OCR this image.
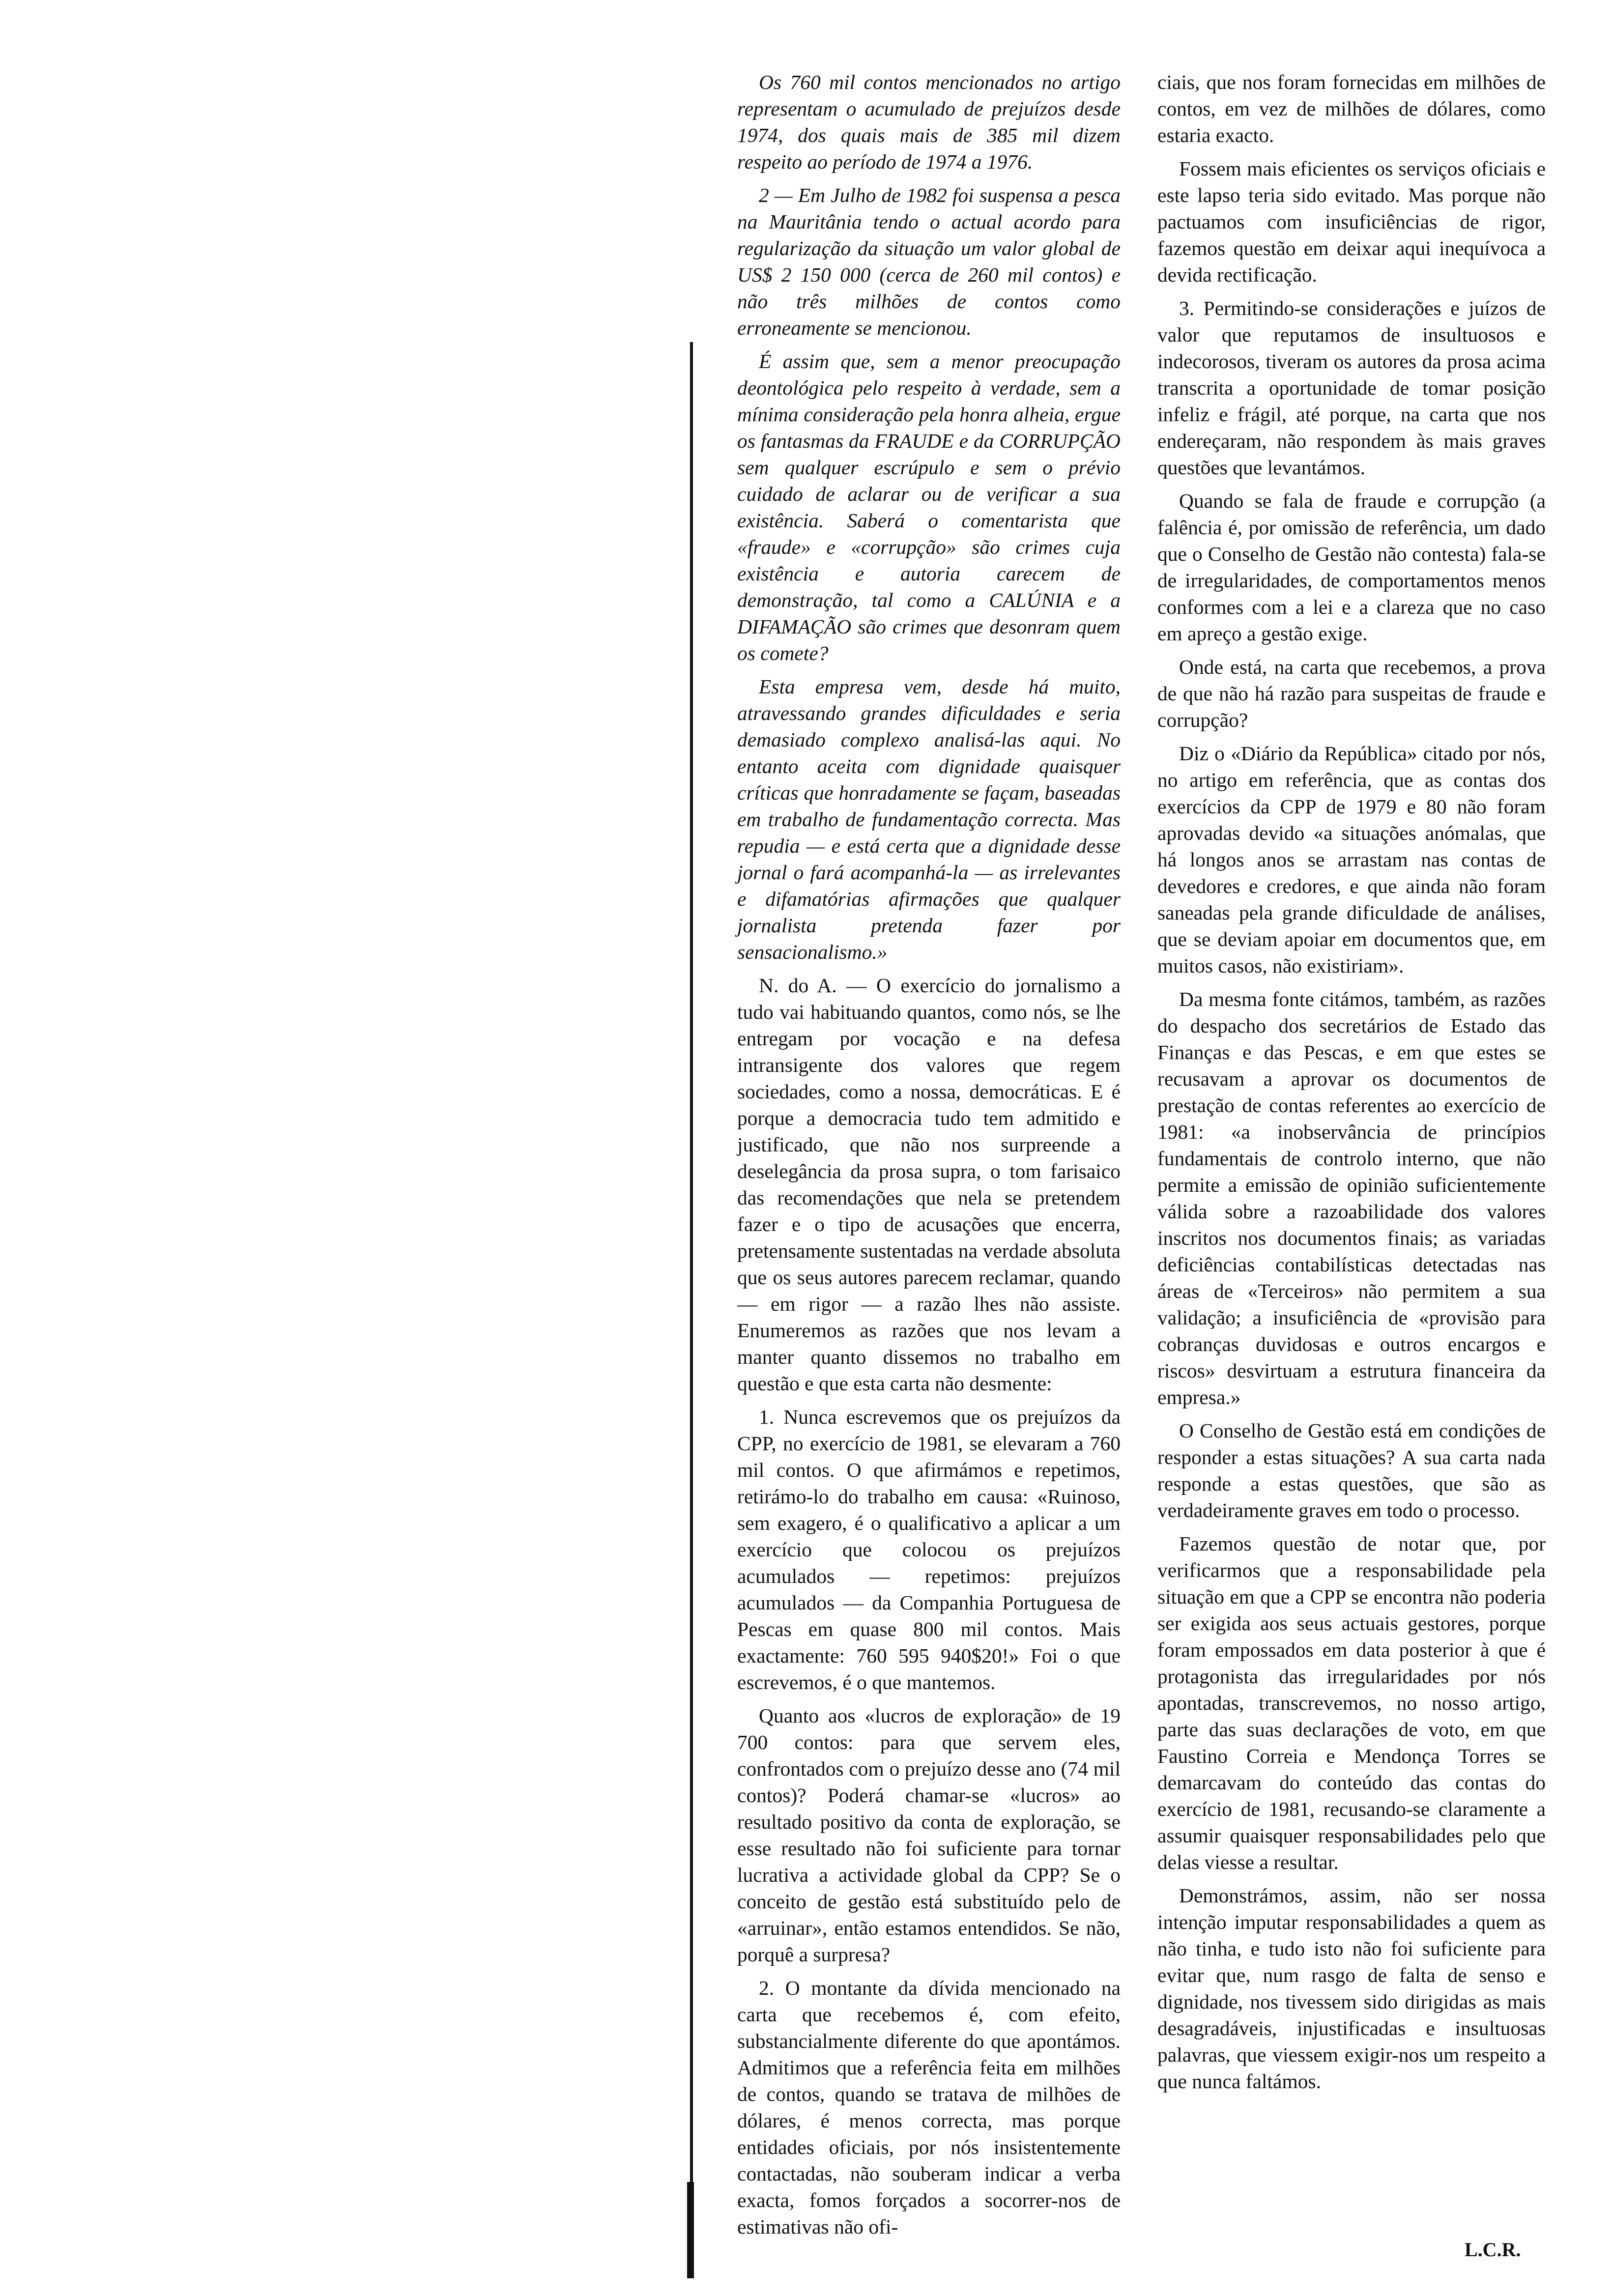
Os 760 mil contos mencionados no artigo representam o acumulado de prejuízos desde 1974, dos quais mais de 385 mil dizem respeito ao período de 1974 a 1976.

2 — Em Julho de 1982 foi suspensa a pesca na Mauritânia tendo o actual acordo para regularização da situação um valor global de US$ 2 150 000 (cerca de 260 mil contos) e não três milhões de contos como erroneamente se mencionou.

É assim que, sem a menor preocupação deontológica pelo respeito à verdade, sem a mínima consideração pela honra alheia, ergue os fantasmas da FRAUDE e da CORRUPÇÃO sem qualquer escrúpulo e sem o prévio cuidado de aclarar ou de verificar a sua existência. Saberá o comentarista que «fraude» e «corrupção» são crimes cuja existência e autoria carecem de demonstração, tal como a CALÚNIA e a DIFAMAÇÃO são crimes que desonram quem os comete?

Esta empresa vem, desde há muito, atravessando grandes dificuldades e seria demasiado complexo analisá-las aqui. No entanto aceita com dignidade quaisquer críticas que honradamente se façam, baseadas em trabalho de fundamentação correcta. Mas repudia — e está certa que a dignidade desse jornal o fará acompanhá-la — as irrelevantes e difamatórias afirmações que qualquer jornalista pretenda fazer por sensacionalismo.»

N. do A. — O exercício do jornalismo a tudo vai habituando quantos, como nós, se lhe entregam por vocação e na defesa intransigente dos valores que regem sociedades, como a nossa, democráticas. E é porque a democracia tudo tem admitido e justificado, que não nos surpreende a deselegância da prosa supra, o tom farisaico das recomendações que nela se pretendem fazer e o tipo de acusações que encerra, pretensamente sustentadas na verdade absoluta que os seus autores parecem reclamar, quando — em rigor — a razão lhes não assiste. Enumeremos as razões que nos levam a manter quanto dissemos no trabalho em questão e que esta carta não desmente:

1. Nunca escrevemos que os prejuízos da CPP, no exercício de 1981, se elevaram a 760 mil contos. O que afirmámos e repetimos, retirámo-lo do trabalho em causa: «Ruinoso, sem exagero, é o qualificativo a aplicar a um exercício que colocou os prejuízos acumulados — repetimos: prejuízos acumulados — da Companhia Portuguesa de Pescas em quase 800 mil contos. Mais exactamente: 760 595 940$20!» Foi o que escrevemos, é o que mantemos.

Quanto aos «lucros de exploração» de 19 700 contos: para que servem eles, confrontados com o prejuízo desse ano (74 mil contos)? Poderá chamar-se «lucros» ao resultado positivo da conta de exploração, se esse resultado não foi suficiente para tornar lucrativa a actividade global da CPP? Se o conceito de gestão está substituído pelo de «arruinar», então estamos entendidos. Se não, porquê a surpresa?

2. O montante da dívida mencionado na carta que recebemos é, com efeito, substancialmente diferente do que apontámos. Admitimos que a referência feita em milhões de contos, quando se tratava de milhões de dólares, é menos correcta, mas porque entidades oficiais, por nós insistentemente contactadas, não souberam indicar a verba exacta, fomos forçados a socorrer-nos de estimativas não ofi-

ciais, que nos foram fornecidas em milhões de contos, em vez de milhões de dólares, como estaria exacto.

Fossem mais eficientes os serviços oficiais e este lapso teria sido evitado. Mas porque não pactuamos com insuficiências de rigor, fazemos questão em deixar aqui inequívoca a devida rectificação.

3. Permitindo-se considerações e juízos de valor que reputamos de insultuosos e indecorosos, tiveram os autores da prosa acima transcrita a oportunidade de tomar posição infeliz e frágil, até porque, na carta que nos endereçaram, não respondem às mais graves questões que levantámos.

Quando se fala de fraude e corrupção (a falência é, por omissão de referência, um dado que o Conselho de Gestão não contesta) fala-se de irregularidades, de comportamentos menos conformes com a lei e a clareza que no caso em apreço a gestão exige.

Onde está, na carta que recebemos, a prova de que não há razão para suspeitas de fraude e corrupção?

Diz o «Diário da República» citado por nós, no artigo em referência, que as contas dos exercícios da CPP de 1979 e 80 não foram aprovadas devido «a situações anómalas, que há longos anos se arrastam nas contas de devedores e credores, e que ainda não foram saneadas pela grande dificuldade de análises, que se deviam apoiar em documentos que, em muitos casos, não existiriam».

Da mesma fonte citámos, também, as razões do despacho dos secretários de Estado das Finanças e das Pescas, e em que estes se recusavam a aprovar os documentos de prestação de contas referentes ao exercício de 1981: «a inobservância de princípios fundamentais de controlo interno, que não permite a emissão de opinião suficientemente válida sobre a razoabilidade dos valores inscritos nos documentos finais; as variadas deficiências contabilísticas detectadas nas áreas de «Terceiros» não permitem a sua validação; a insuficiência de «provisão para cobranças duvidosas e outros encargos e riscos» desvirtuam a estrutura financeira da empresa.»

O Conselho de Gestão está em condições de responder a estas situações? A sua carta nada responde a estas questões, que são as verdadeiramente graves em todo o processo.

Fazemos questão de notar que, por verificarmos que a responsabilidade pela situação em que a CPP se encontra não poderia ser exigida aos seus actuais gestores, porque foram empossados em data posterior à que é protagonista das irregularidades por nós apontadas, transcrevemos, no nosso artigo, parte das suas declarações de voto, em que Faustino Correia e Mendonça Torres se demarcavam do conteúdo das contas do exercício de 1981, recusando-se claramente a assumir quaisquer responsabilidades pelo que delas viesse a resultar.

Demonstrámos, assim, não ser nossa intenção imputar responsabilidades a quem as não tinha, e tudo isto não foi suficiente para evitar que, num rasgo de falta de senso e dignidade, nos tivessem sido dirigidas as mais desagradáveis, injustificadas e insultuosas palavras, que viessem exigir-nos um respeito a que nunca faltámos.

L.C.R.
